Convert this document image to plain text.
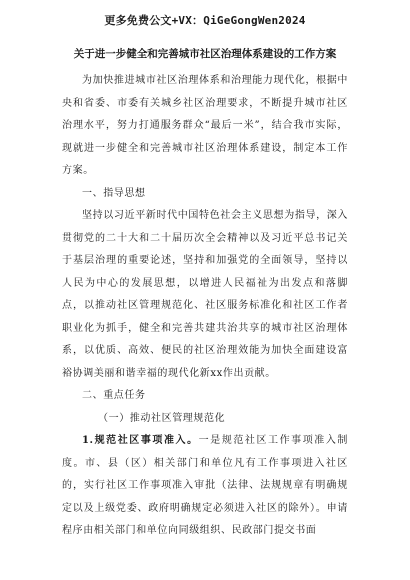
更多免费公文+VX：QiGeGongWen2024
关于进一步健全和完善城市社区治理体系建设的工作方案

为加快推进城市社区治理体系和治理能力现代化，根据中央和省委、市委有关城乡社区治理要求，不断提升城市社区治理水平，努力打通服务群众“最后一米”，结合我市实际，现就进一步健全和完善城市社区治理体系建设，制定本工作方案。

一、指导思想

坚持以习近平新时代中国特色社会主义思想为指导，深入贯彻党的二十大和二十届历次全会精神以及习近平总书记关于基层治理的重要论述，坚持和加强党的全面领导，坚持以人民为中心的发展思想，以增进人民福祉为出发点和落脚点，以推动社区管理规范化、社区服务标准化和社区工作者职业化为抓手，健全和完善共建共治共享的城市社区治理体系，以优质、高效、便民的社区治理效能为加快全面建设富裕协调美丽和谐幸福的现代化新xx作出贡献。

二、重点任务

（一）推动社区管理规范化

1.规范社区事项准入。一是规范社区工作事项准入制度。市、县（区）相关部门和单位凡有工作事项进入社区的，实行社区工作事项准入审批（法律、法规规章有明确规定以及上级党委、政府明确规定必须进入社区的除外）。申请程序由相关部门和单位向同级组织、民政部门提交书面
